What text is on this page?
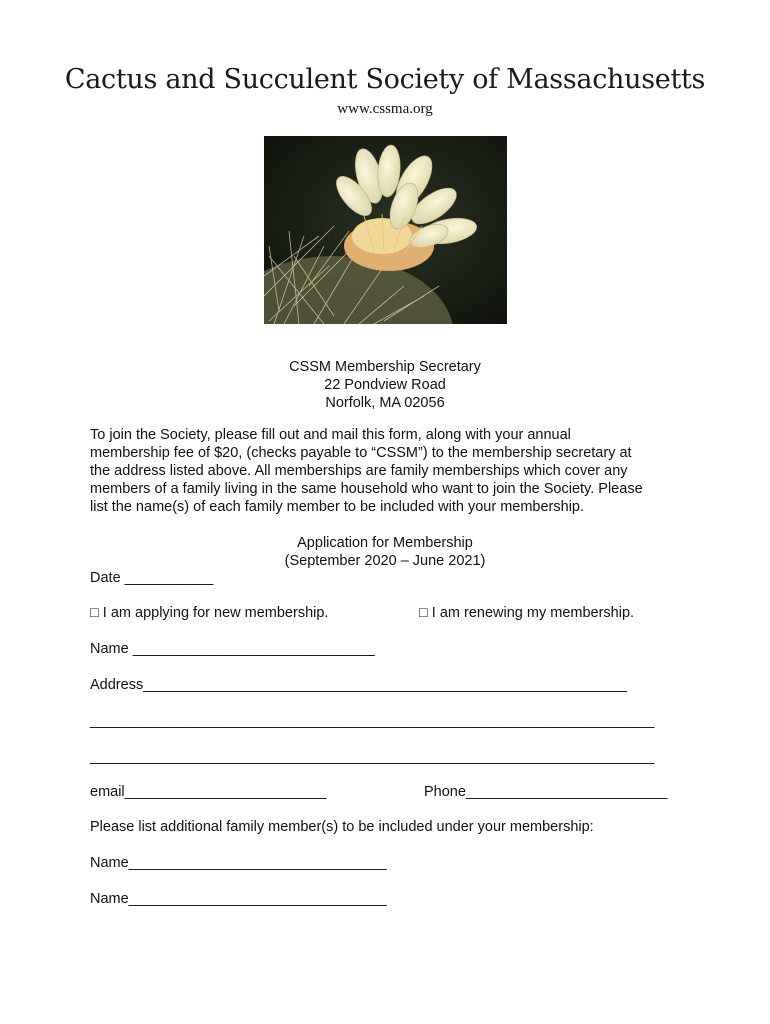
Cactus and Succulent Society of Massachusetts
www.cssma.org
CSSM Membership Secretary
22 Pondview Road
Norfolk, MA 02056
To join the Society, please fill out and mail this form, along with your annual
membership fee of $20, (checks payable to “CSSM”) to the membership secretary at
the address listed above. All memberships are family memberships which cover any
members of a family living in the same household who want to join the Society. Please
list the name(s) of each family member to be included with your membership.
Application for Membership
(September 2020 – June 2021)
Date ___________
□ I am applying for new membership.	□ I am renewing my membership.
Name ______________________________
Address____________________________________________________________
______________________________________________________________________
______________________________________________________________________
email_________________________	Phone_________________________
Please list additional family member(s) to be included under your membership:
Name________________________________
Name________________________________
